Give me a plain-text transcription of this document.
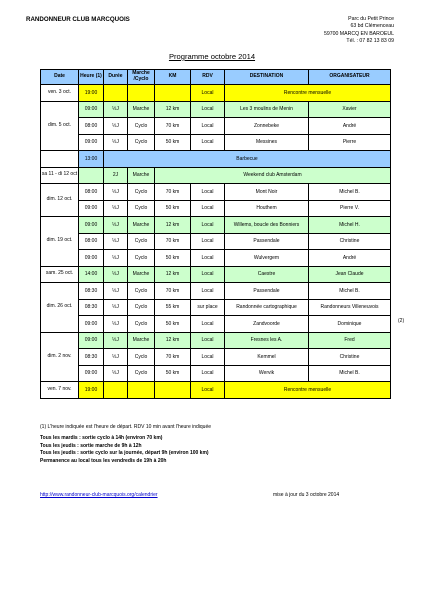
RANDONNEUR CLUB MARCQUOIS	Parc du Petit Prince
63 bd Clémenceau
59700 MARCQ EN BAROEUL
Tél. : 07 82 13 83 09
Programme octobre 2014
Date	Heure (1)	Durée	Marche /Cyclo	KM	RDV	DESTINATION	ORGANISATEUR
ven. 3 oct.	19:00				Local	Rencontre mensuelle	
dim. 5 oct.	09:00	½J	Marche	12 km	Local	Les 3 moulins de Menin	Xavier
	08:00	½J	Cyclo	70 km	Local	Zonnebeke	André
	09:00	½J	Cyclo	50 km	Local	Messines	Pierre
	13:00	Barbecue					
sa 11 - di 12 oct		2J	Marche	Weekend club Amsterdam			
dim. 12 oct.	08:00	½J	Cyclo	70 km	Local	Mont Noir	Michel B.
	09:00	½J	Cyclo	50 km	Local	Houthem	Pierre V.
dim. 19 oct.	09:00	½J	Marche	12 km	Local	Willems, boucle des Bonniers	Michel H.
	08:00	½J	Cyclo	70 km	Local	Passendale	Christine
	09:00	½J	Cyclo	50 km	Local	Wulvergem	André
sam. 25 oct.	14:00	½J	Marche	12 km	Local	Caestre	Jean Claude
dim. 26 oct.	08:30	½J	Cyclo	70 km	Local	Passendale	Michel B.
	08:30	½J	Cyclo	55 km	sur place	Randonnée cartographique	Randonneurs Villeneuvois
	09:00	½J	Cyclo	50 km	Local	Zandvoorde	Dominique
dim. 2 nov.	09:00	½J	Marche	12 km	Local	Fresnes les A.	Fred
	08:30	½J	Cyclo	70 km	Local	Kemmel	Christine
	09:00	½J	Cyclo	50 km	Local	Wervik	Michel B.
ven. 7 nov.	19:00				Local	Rencontre mensuelle	
(2)
(1) L'heure indiquée est l'heure de départ. RDV 10 min avant l'heure indiquée
Tous les mardis : sortie cyclo à 14h (environ 70 km)
Tous les jeudis : sortie marche de 9h à 12h
Tous les jeudis : sortie cyclo sur la journée, départ 9h (environ 100 km)
Permanence au local tous les vendredis de 19h à 20h
http://www.randonneur-club-marcquois.org/calendrier	mise à jour du 3 octobre 2014
